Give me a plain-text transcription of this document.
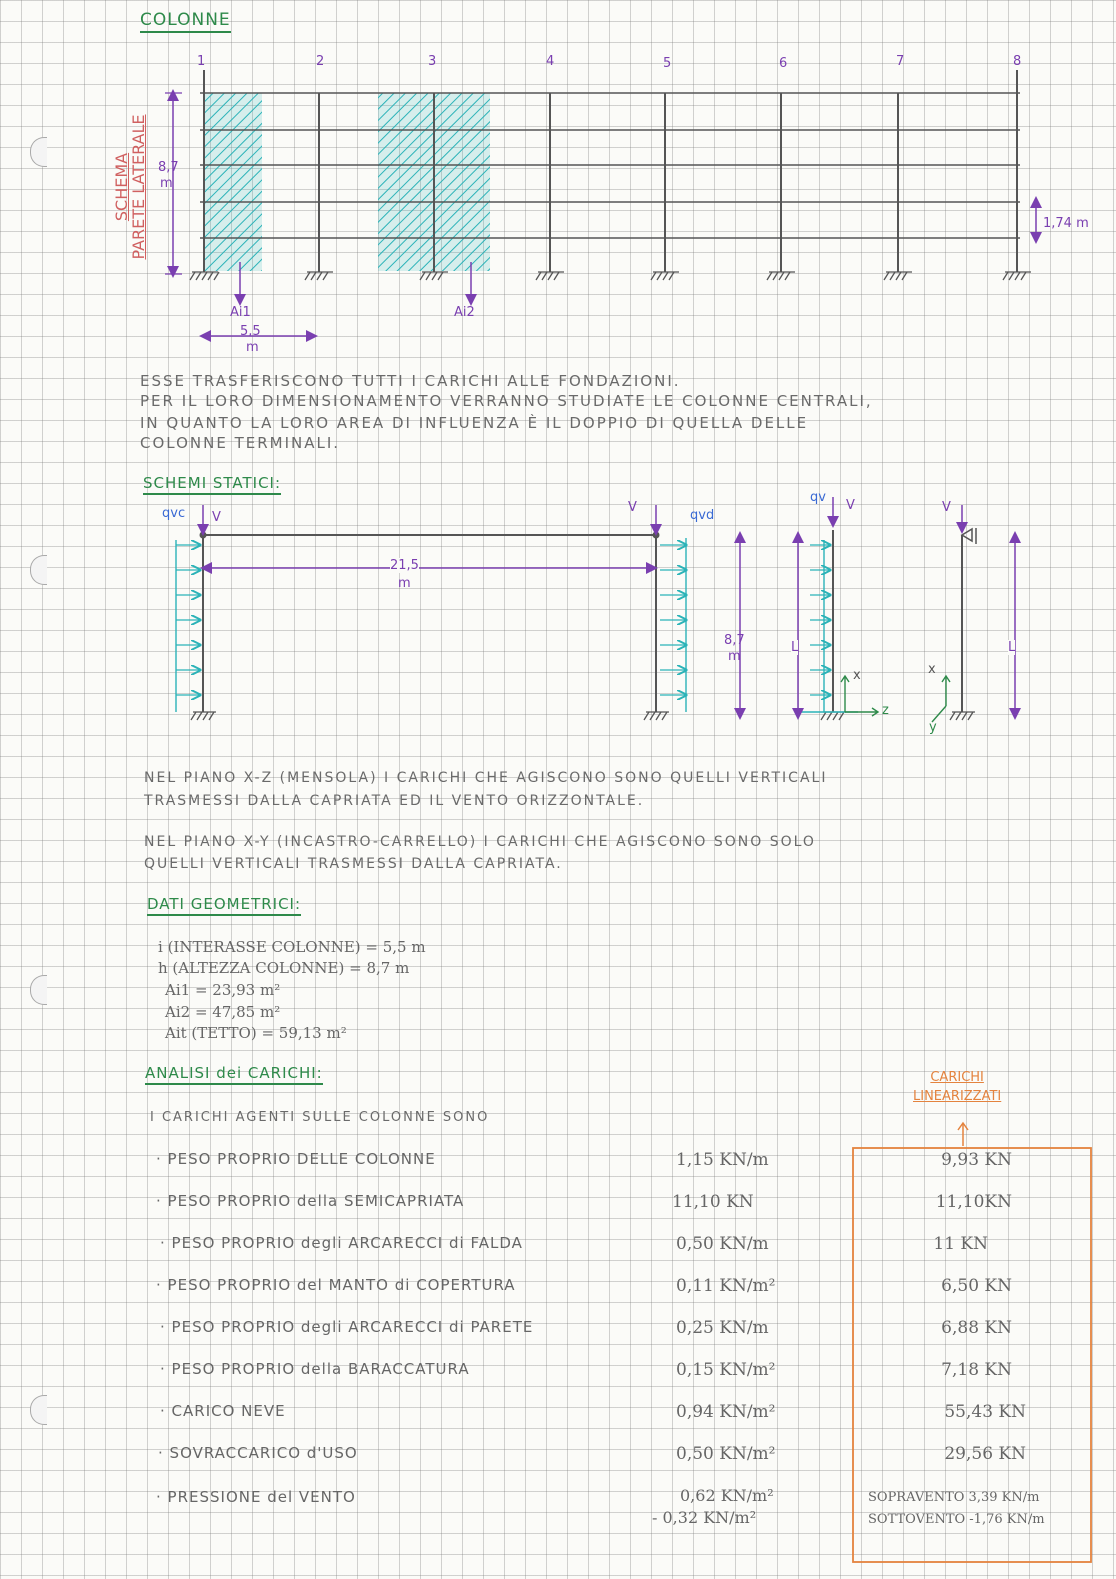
COLONNE
1	2	3	4	5	6	7	8
SCHEMA
PARETE LATERALE 8,7
m
1,74 m
Ai1	Ai2
5,5
m
ESSE TRASFERISCONO TUTTI I CARICHI ALLE FONDAZIONI.
PER IL LORO DIMENSIONAMENTO VERRANNO STUDIATE LE COLONNE CENTRALI,
IN QUANTO LA LORO AREA DI INFLUENZA È IL DOPPIO DI QUELLA DELLE
COLONNE TERMINALI.
SCHEMI STATICI:
qvc V
V
qvd
qv
V	V
21,5
m
8,7
m
L	L
x
z
x
y
NEL PIANO X-Z (MENSOLA) I CARICHI CHE AGISCONO SONO QUELLI VERTICALI
TRASMESSI DALLA CAPRIATA ED IL VENTO ORIZZONTALE.
NEL PIANO X-Y (INCASTRO-CARRELLO) I CARICHI CHE AGISCONO SONO SOLO
QUELLI VERTICALI TRASMESSI DALLA CAPRIATA.
DATI GEOMETRICI:
i (INTERASSE COLONNE) = 5,5 m
h (ALTEZZA COLONNE) = 8,7 m
Ai1 = 23,93 m²
Ai2 = 47,85 m²
Ait (TETTO) = 59,13 m²
ANALISI dei CARICHI:
I CARICHI AGENTI SULLE COLONNE SONO
CARICHI
LINEARIZZATI
· PESO PROPRIO DELLE COLONNE	1,15 KN/m	9,93 KN
· PESO PROPRIO della SEMICAPRIATA	11,10 KN	11,10KN
· PESO PROPRIO degli ARCARECCI di FALDA	0,50 KN/m	11 KN
· PESO PROPRIO del MANTO di COPERTURA	0,11 KN/m²	6,50 KN
· PESO PROPRIO degli ARCARECCI di PARETE	0,25 KN/m	6,88 KN
· PESO PROPRIO della BARACCATURA	0,15 KN/m²	7,18 KN
· CARICO NEVE	0,94 KN/m²	55,43 KN
· SOVRACCARICO d'USO	0,50 KN/m²	29,56 KN
· PRESSIONE del VENTO	0,62 KN/m²
- 0,32 KN/m²
SOPRAVENTO 3,39 KN/m
SOTTOVENTO -1,76 KN/m
